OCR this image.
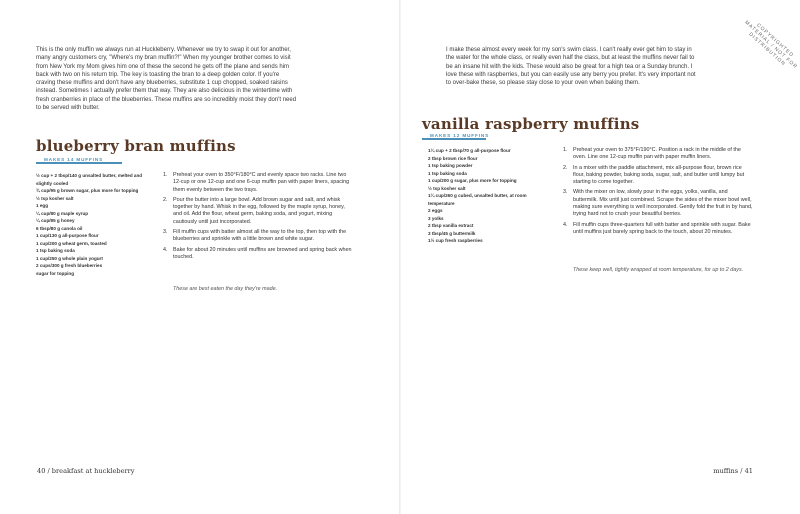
This is the only muffin we always run at Huckleberry. Whenever we try to swap it out for another, many angry customers cry, "Where's my bran muffin?!" When my younger brother comes to visit from New York my Mom gives him one of these the second he gets off the plane and sends him back with two on his return trip. The key is toasting the bran to a deep golden color. If you're craving these muffins and don't have any blueberries, substitute 1 cup chopped, soaked raisins instead. Sometimes I actually prefer them that way. They are also delicious in the wintertime with fresh cranberries in place of the blueberries. These muffins are so incredibly moist they don't need to be served with butter.

blueberry bran muffins
MAKES 14 MUFFINS
½ cup + 2 tbsp/140 g unsalted butter, melted and slightly cooled
¾ cup/95 g brown sugar, plus more for topping
½ tsp kosher salt
1 egg
¼ cup/80 g maple syrup
¼ cup/85 g honey
6 tbsp/80 g canola oil
1 cup/130 g all-purpose flour
1 cup/200 g wheat germ, toasted
1 tsp baking soda
1 cup/250 g whole plain yogurt
2 cups/300 g fresh blueberries
sugar for topping
1. Preheat your oven to 350°F/180°C and evenly space two racks. Line two 12-cup or one 12-cup and one 6-cup muffin pan with paper liners, spacing them evenly between the two trays.
2. Pour the butter into a large bowl. Add brown sugar and salt, and whisk together by hand. Whisk in the egg, followed by the maple syrup, honey, and oil. Add the flour, wheat germ, baking soda, and yogurt, mixing cautiously until just incorporated.
3. Fill muffin cups with batter almost all the way to the top, then top with the blueberries and sprinkle with a little brown and white sugar.
4. Bake for about 20 minutes until muffins are browned and spring back when touched.

These are best eaten the day they're made.

40 / breakfast at huckleberry

I make these almost every week for my son's swim class. I can't really ever get him to stay in the water for the whole class, or really even half the class, but at least the muffins never fail to be an insane hit with the kids. These would also be great for a high tea or a Sunday brunch. I love these with raspberries, but you can easily use any berry you prefer. It's very important not to over-bake these, so please stay close to your oven when baking them.

COPYRIGHTED MATERIAL / NOT FOR DISTRIBUTION
vanilla raspberry muffins
MAKES 12 MUFFINS
1¼ cup + 2 tbsp/70 g all-purpose flour
2 tbsp brown rice flour
1 tsp baking powder
1 tsp baking soda
1 cup/200 g sugar, plus more for topping
½ tsp kosher salt
1¼ cup/260 g cubed, unsalted butter, at room temperature
2 eggs
3 yolks
2 tbsp vanilla extract
3 tbsp/45 g buttermilk
1½ cup fresh raspberries
1. Preheat your oven to 375°F/190°C. Position a rack in the middle of the oven. Line one 12-cup muffin pan with paper muffin liners.
2. In a mixer with the paddle attachment, mix all-purpose flour, brown rice flour, baking powder, baking soda, sugar, salt, and butter until lumpy but starting to come together.
3. With the mixer on low, slowly pour in the eggs, yolks, vanilla, and buttermilk. Mix until just combined. Scrape the sides of the mixer bowl well, making sure everything is well incorporated. Gently fold the fruit in by hand, trying hard not to crush your beautiful berries.
4. Fill muffin cups three-quarters full with batter and sprinkle with sugar. Bake until muffins just barely spring back to the touch, about 20 minutes.

These keep well, tightly wrapped at room temperature, for up to 2 days.

muffins / 41
